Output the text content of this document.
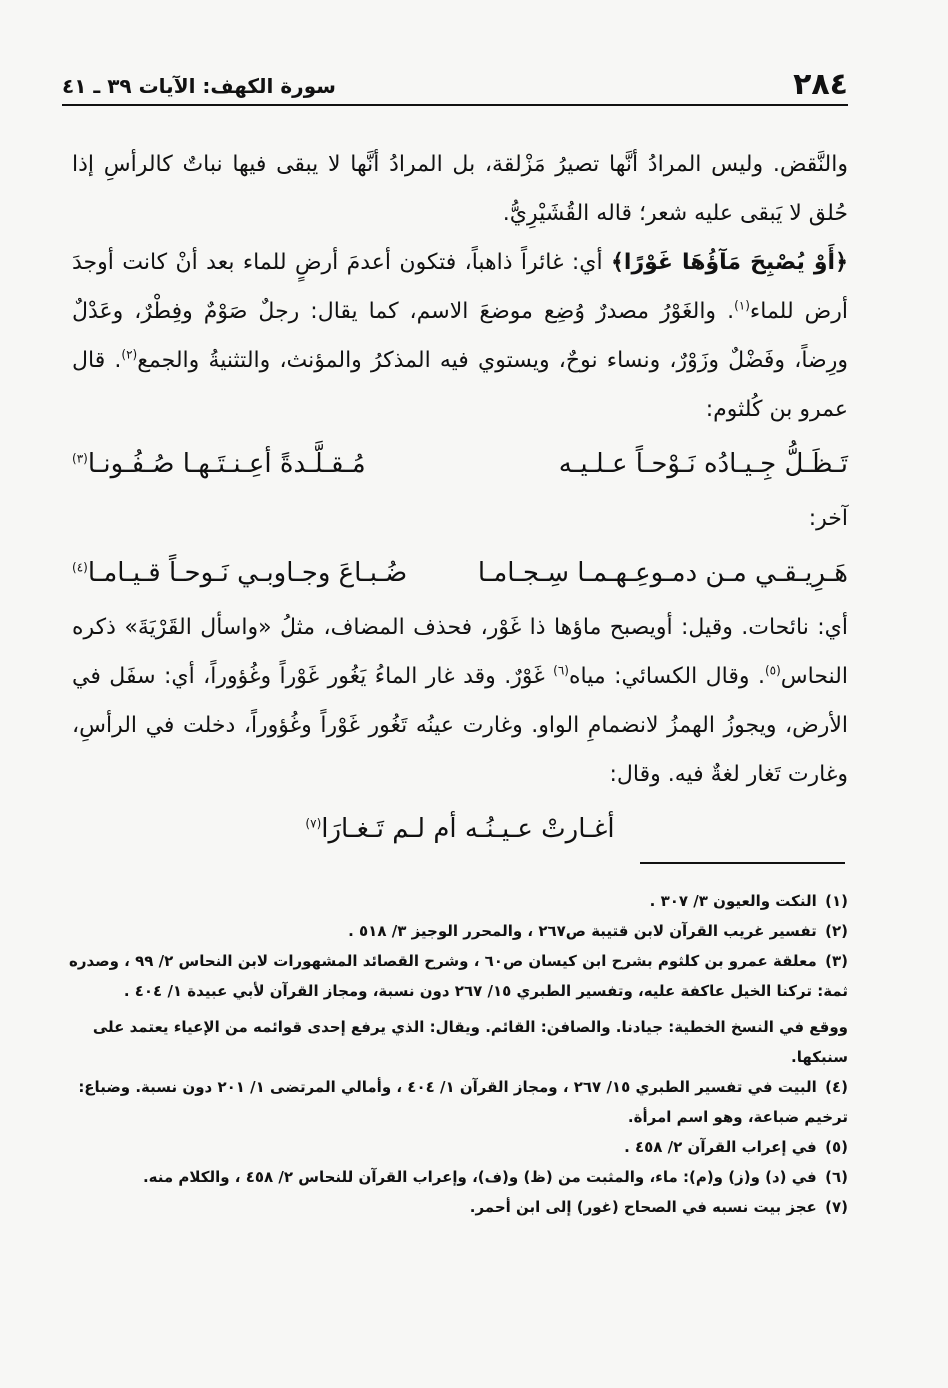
٢٨٤
سورة الكهف: الآيات ٣٩ ـ ٤١

والنَّقض. وليس المرادُ أنَّها تصيرُ مَزْلقة، بل المرادُ أنَّها لا يبقى فيها نباتٌ كالرأسِ إذا حُلق لا يَبقى عليه شعر؛ قاله القُشَيْرِيُّ.

﴿أَوْ يُصْبِحَ مَآؤُهَا غَوْرًا﴾ أي: غائراً ذاهباً، فتكون أعدمَ أرضٍ للماء بعد أنْ كانت أوجدَ أرض للماء$^{(١)}$. والغَوْرُ مصدرٌ وُضِع موضعَ الاسم، كما يقال: رجلٌ صَوْمٌ وفِطْرٌ، وعَدْلٌ ورِضاً، وفَضْلٌ وزَوْرٌ، ونساء نوحٌ، ويستوي فيه المذكرُ والمؤنث، والتثنيةُ والجمع$^{(٢)}$. قال عمرو بن كُلثوم:

تَـظَـلُّ جِـيـادُه نَـوْحـاً عـلـيـه
مُـقـلَّـدةً أعِـنـتَـهـا صُـفُـونـا$^{(٣)}$

آخر:

هَـرِيـقـي مـن دمـوعِـهـمـا سِـجـامـا
ضُـبـاعَ وجـاوبـي نَـوحـاً قـيـامـا$^{(٤)}$

أي: نائحات. وقيل: أويصبح ماؤها ذا غَوْر، فحذف المضاف، مثلُ «واسأل القَرْيَةَ» ذكره النحاس$^{(٥)}$. وقال الكسائي: مياه$^{(٦)}$ غَوْرٌ. وقد غار الماءُ يَغُور غَوْراً وغُؤوراً، أي: سفَل في الأرض، ويجوزُ الهمزُ لانضمامِ الواو. وغارت عينُه تَغُور غَوْراً وغُؤوراً، دخلت في الرأسِ، وغارت تَغار لغةٌ فيه. وقال:

أغـارتْ عـيـنُـه أم لـم تَـغـارَا$^{(٧)}$
(١) النكت والعيون ٣/ ٣٠٧ .
(٢) تفسير غريب القرآن لابن قتيبة ص٢٦٧ ، والمحرر الوجيز ٣/ ٥١٨ .
(٣) معلقة عمرو بن كلثوم بشرح ابن كيسان ص٦٠ ، وشرح القصائد المشهورات لابن النحاس ٢/ ٩٩ ، وصدره ثمة: تركنا الخيل عاكفة عليه، وتفسير الطبري ١٥/ ٢٦٧ دون نسبة، ومجاز القرآن لأبي عبيدة ١/ ٤٠٤ .
ووقع في النسخ الخطية: جيادنا. والصافن: القائم. ويقال: الذي يرفع إحدى قوائمه من الإعياء يعتمد على سنبكها.
(٤) البيت في تفسير الطبري ١٥/ ٢٦٧ ، ومجاز القرآن ١/ ٤٠٤ ، وأمالي المرتضى ١/ ٢٠١ دون نسبة. وضباع: ترخيم ضباعة، وهو اسم امرأة.
(٥) في إعراب القرآن ٢/ ٤٥٨ .
(٦) في (د) و(ز) و(م): ماء، والمثبت من (ظ) و(ف)، وإعراب القرآن للنحاس ٢/ ٤٥٨ ، والكلام منه.
(٧) عجز بيت نسبه في الصحاح (غور) إلى ابن أحمر.
